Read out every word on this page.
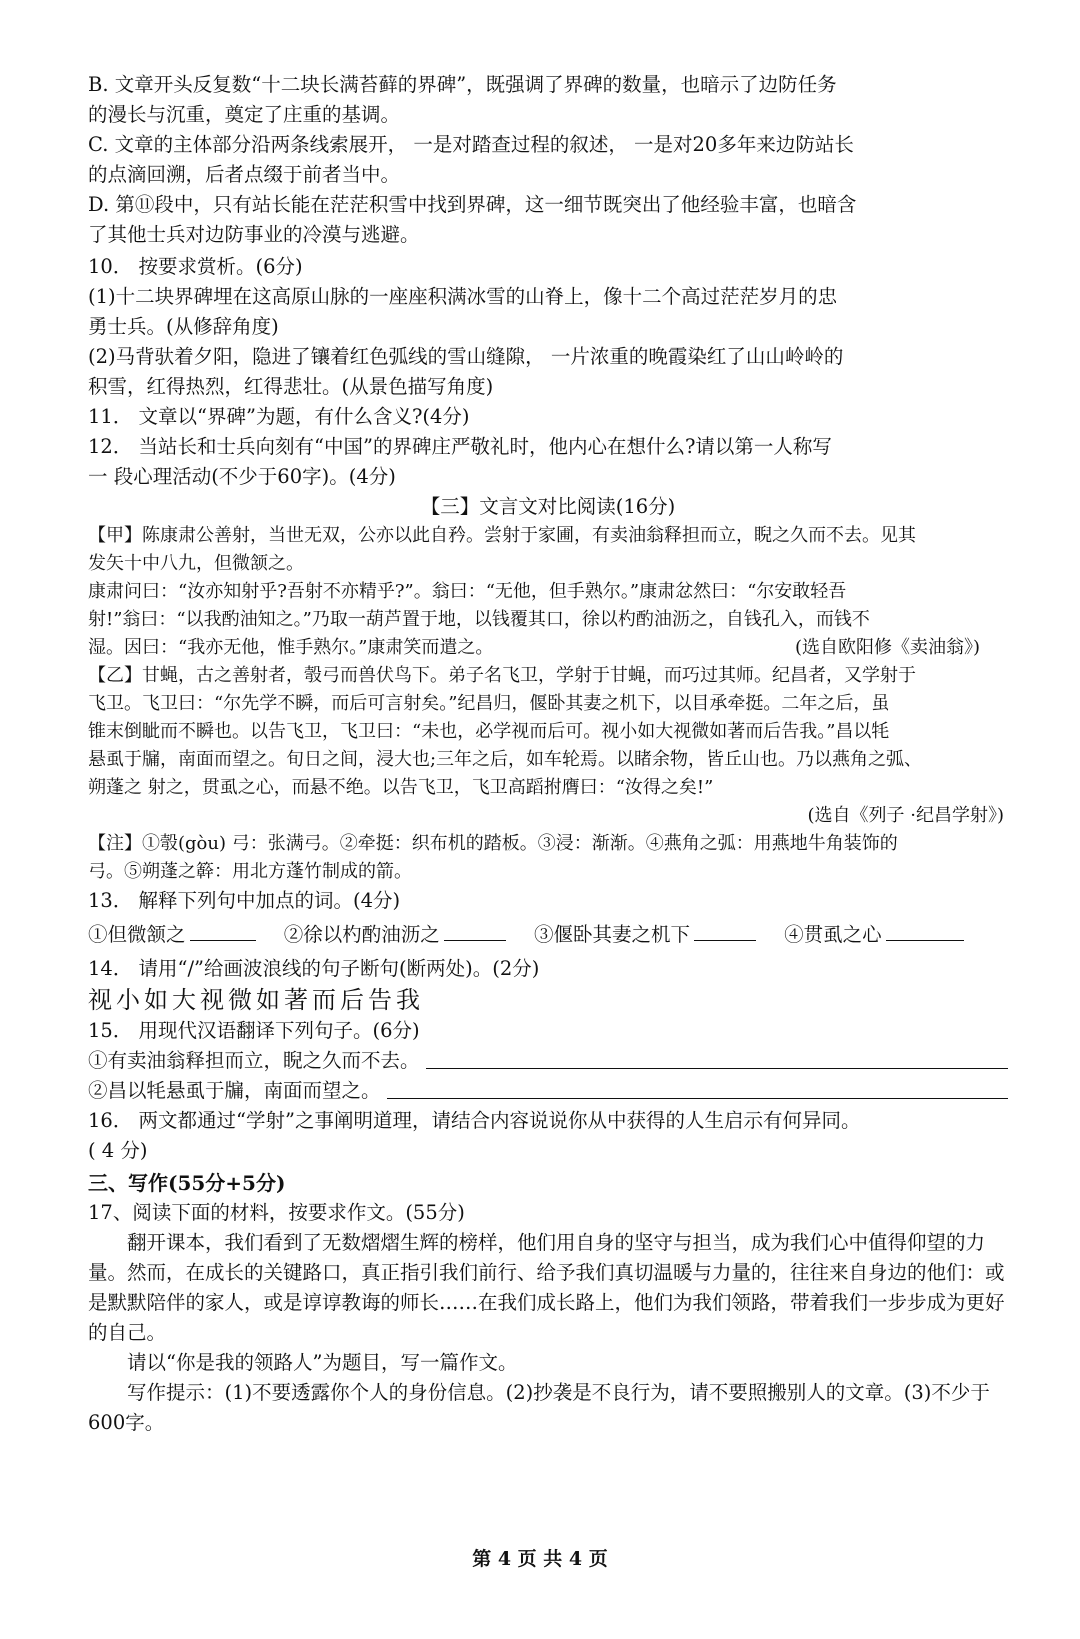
B. 文章开头反复数“十二块长满苔藓的界碑”，既强调了界碑的数量，也暗示了边防任务

的漫长与沉重，奠定了庄重的基调。

C. 文章的主体部分沿两条线索展开， 一是对踏查过程的叙述， 一是对20多年来边防站长

的点滴回溯，后者点缀于前者当中。

D. 第⑪段中，只有站长能在茫茫积雪中找到界碑，这一细节既突出了他经验丰富，也暗含

了其他士兵对边防事业的冷漠与逃避。

10． 按要求赏析。(6分)

(1)十二块界碑埋在这高原山脉的一座座积满冰雪的山脊上，像十二个高过茫茫岁月的忠

勇士兵。(从修辞角度)

(2)马背驮着夕阳，隐进了镶着红色弧线的雪山缝隙， 一片浓重的晚霞染红了山山岭岭的

积雪，红得热烈，红得悲壮。(从景色描写角度)

11． 文章以“界碑”为题，有什么含义?(4分)

12． 当站长和士兵向刻有“中国”的界碑庄严敬礼时，他内心在想什么?请以第一人称写

一 段心理活动(不少于60字)。(4分)

【三】文言文对比阅读(16分)

【甲】陈康肃公善射，当世无双，公亦以此自矜。尝射于家圃，有卖油翁释担而立，睨之久而不去。见其

发矢十中八九，但微颔之。

康肃问曰：“汝亦知射乎?吾射不亦精乎?”。翁曰：“无他，但手熟尔。”康肃忿然曰：“尔安敢轻吾

射!”翁曰：“以我酌油知之。”乃取一葫芦置于地，以钱覆其口，徐以杓酌油沥之，自钱孔入，而钱不

湿。因曰：“我亦无他，惟手熟尔。”康肃笑而遣之。	(选自欧阳修《卖油翁》)

【乙】甘蝇，古之善射者，彀弓而兽伏鸟下。弟子名飞卫，学射于甘蝇，而巧过其师。纪昌者，又学射于

飞卫。飞卫曰：“尔先学不瞬，而后可言射矣。”纪昌归，偃卧其妻之机下，以目承牵挺。二年之后，虽

锥末倒眦而不瞬也。以告飞卫，飞卫曰：“未也，必学视而后可。视小如大视微如著而后告我。”昌以牦

悬虱于牖，南面而望之。旬日之间，浸大也;三年之后，如车轮焉。以睹余物，皆丘山也。乃以燕角之弧、

朔蓬之 射之，贯虱之心，而悬不绝。以告飞卫，飞卫高蹈拊膺曰：“汝得之矣!”

(选自《列子 ·纪昌学射》)

【注】①彀(gòu) 弓：张满弓。②牵挺：织布机的踏板。③浸：渐渐。④燕角之弧：用燕地牛角装饰的

弓。⑤朔蓬之簳：用北方蓬竹制成的箭。

13． 解释下列句中加点的词。(4分)

①但微颔之	②徐以杓酌油沥之	③偃卧其妻之机下	④贯虱之心

14． 请用“/”给画波浪线的句子断句(断两处)。(2分)

视小如大视微如著而后告我

15． 用现代汉语翻译下列句子。(6分)

①有卖油翁释担而立，睨之久而不去。
②昌以牦悬虱于牖，南面而望之。

16． 两文都通过“学射”之事阐明道理，请结合内容说说你从中获得的人生启示有何异同。

( 4 分)

三、写作(55分+5分)

17、阅读下面的材料，按要求作文。(55分)

翻开课本，我们看到了无数熠熠生辉的榜样，他们用自身的坚守与担当，成为我们心中值得仰望的力量。然而，在成长的关键路口，真正指引我们前行、给予我们真切温暖与力量的，往往来自身边的他们：或是默默陪伴的家人，或是谆谆教诲的师长……在我们成长路上，他们为我们领路，带着我们一步步成为更好的自己。

请以“你是我的领路人”为题目，写一篇作文。

写作提示：(1)不要透露你个人的身份信息。(2)抄袭是不良行为，请不要照搬别人的文章。(3)不少于600字。

第 4 页 共 4 页
